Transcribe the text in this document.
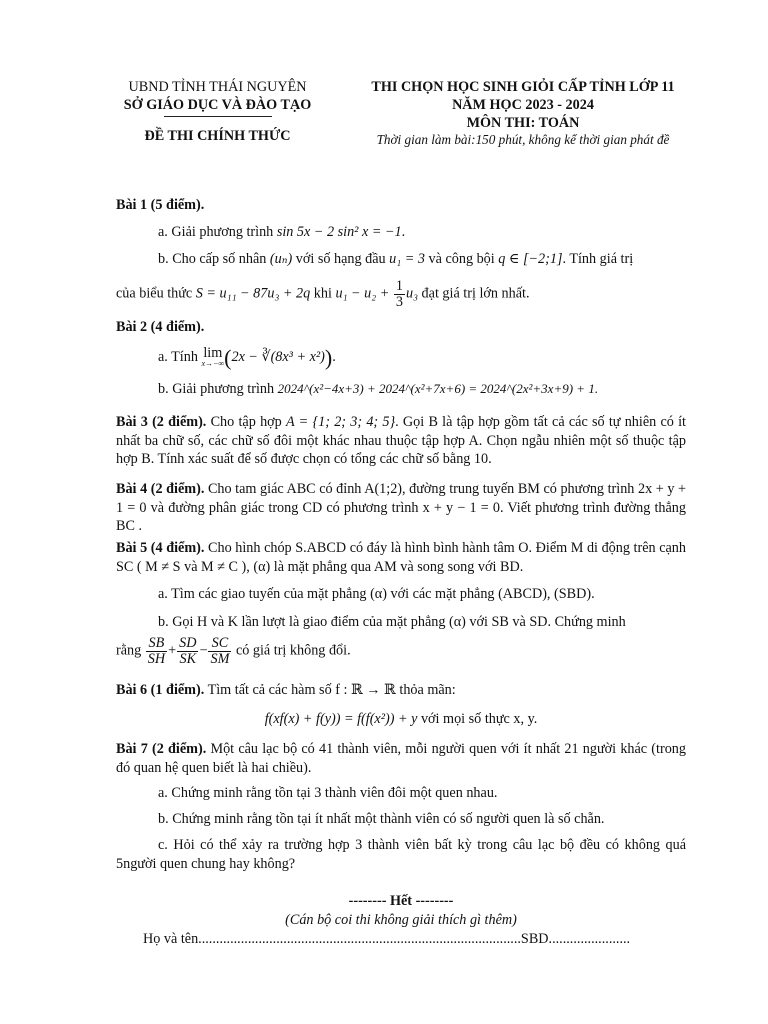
UBND TỈNH THÁI NGUYÊN
SỞ GIÁO DỤC VÀ ĐÀO TẠO
ĐỀ THI CHÍNH THỨC
THI CHỌN HỌC SINH GIỎI CẤP TỈNH LỚP 11
NĂM HỌC 2023 - 2024
MÔN THI: TOÁN
Thời gian làm bài:150 phút, không kể thời gian phát đề
Bài 1 (5 điểm).
a. Giải phương trình sin 5x − 2 sin² x = −1.
b. Cho cấp số nhân (uₙ) với số hạng đầu u₁ = 3 và công bội q ∈ [−2;1]. Tính giá trị
của biểu thức S = u₁₁ − 87u₃ + 2q khi $u_1 - u_2 + \frac{1}{3} u_3$ đạt giá trị lớn nhất.
Bài 2 (4 điểm).
a. Tính lim
x→−∞ (2x − ∛(8x³ + x²)).
b. Giải phương trình 2024^(x²−4x+3) + 2024^(x²+7x+6) = 2024^(2x²+3x+9) + 1.
Bài 3 (2 điểm). Cho tập hợp A = {1; 2; 3; 4; 5}. Gọi B là tập hợp gồm tất cả các số tự nhiên có ít nhất ba chữ số, các chữ số đôi một khác nhau thuộc tập hợp A. Chọn ngẫu nhiên một số thuộc tập hợp B. Tính xác suất để số được chọn có tổng các chữ số bằng 10.
Bài 4 (2 điểm). Cho tam giác ABC có đỉnh A(1;2), đường trung tuyến BM có phương trình 2x + y + 1 = 0 và đường phân giác trong CD có phương trình x + y − 1 = 0. Viết phương trình đường thẳng BC .
Bài 5 (4 điểm). Cho hình chóp S.ABCD có đáy là hình bình hành tâm O. Điểm M di động trên cạnh SC ( M ≠ S và M ≠ C ), (α) là mặt phẳng qua AM và song song với BD.
a. Tìm các giao tuyến của mặt phẳng (α) với các mặt phẳng (ABCD), (SBD).
b. Gọi H và K lần lượt là giao điểm của mặt phẳng (α) với SB và SD. Chứng minh
rằng $\frac{SB}{SH} + \frac{SD}{SK} - \frac{SC}{SM}$ có giá trị không đổi.
Bài 6 (1 điểm). Tìm tất cả các hàm số f : ℝ → ℝ thỏa mãn:
f(xf(x) + f(y)) = f(f(x²)) + y với mọi số thực x, y.
Bài 7 (2 điểm). Một câu lạc bộ có 41 thành viên, mỗi người quen với ít nhất 21 người khác (trong đó quan hệ quen biết là hai chiều).
a. Chứng minh rằng tồn tại 3 thành viên đôi một quen nhau.
b. Chứng minh rằng tồn tại ít nhất một thành viên có số người quen là số chẵn.
c. Hỏi có thể xảy ra trường hợp 3 thành viên bất kỳ trong câu lạc bộ đều có không quá 5người quen chung hay không?
-------- Hết --------
(Cán bộ coi thi không giải thích gì thêm)
Họ và tên...........................................................................................SBD.......................
